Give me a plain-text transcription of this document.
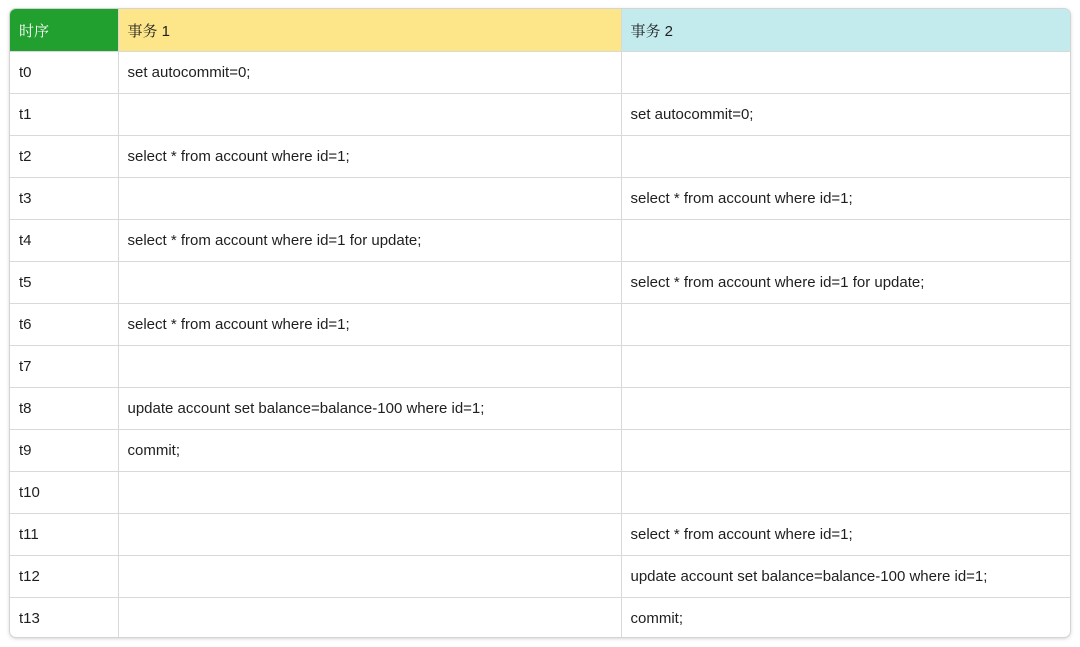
时序	事务 1	事务 2
t0	set autocommit=0;	
t1		set autocommit=0;
t2	select * from account where id=1;	
t3		select * from account where id=1;
t4	select * from account where id=1 for update;	
t5		select * from account where id=1 for update;
t6	select * from account where id=1;	
t7		
t8	update account set balance=balance-100 where id=1;	
t9	commit;	
t10		
t11		select * from account where id=1;
t12		update account set balance=balance-100 where id=1;
t13		commit;
